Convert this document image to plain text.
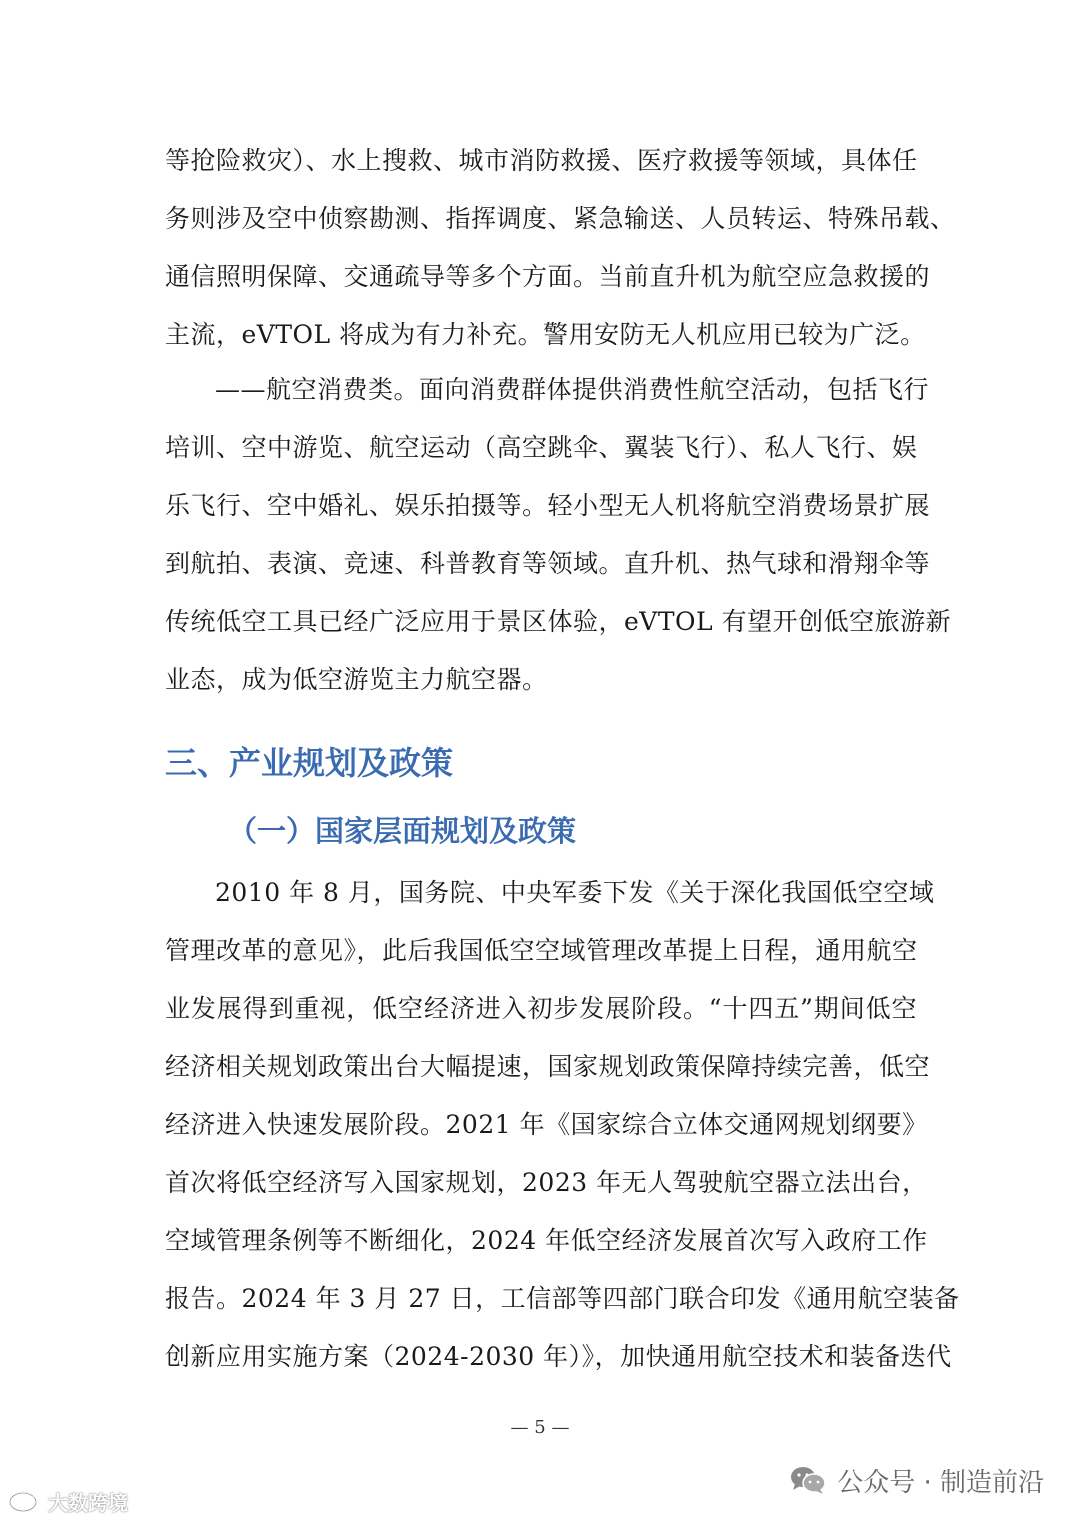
等抢险救灾）、水上搜救、城市消防救援、医疗救援等领域，具体任
务则涉及空中侦察勘测、指挥调度、紧急输送、人员转运、特殊吊载、
通信照明保障、交通疏导等多个方面。当前直升机为航空应急救援的
主流，eVTOL 将成为有力补充。警用安防无人机应用已较为广泛。
——航空消费类。面向消费群体提供消费性航空活动，包括飞行
培训、空中游览、航空运动（高空跳伞、翼装飞行）、私人飞行、娱
乐飞行、空中婚礼、娱乐拍摄等。轻小型无人机将航空消费场景扩展
到航拍、表演、竞速、科普教育等领域。直升机、热气球和滑翔伞等
传统低空工具已经广泛应用于景区体验，eVTOL 有望开创低空旅游新
业态，成为低空游览主力航空器。
三、产业规划及政策
（一）国家层面规划及政策
2010 年 8 月，国务院、中央军委下发《关于深化我国低空空域
管理改革的意见》，此后我国低空空域管理改革提上日程，通用航空
业发展得到重视，低空经济进入初步发展阶段。“十四五”期间低空
经济相关规划政策出台大幅提速，国家规划政策保障持续完善，低空
经济进入快速发展阶段。2021 年《国家综合立体交通网规划纲要》
首次将低空经济写入国家规划，2023 年无人驾驶航空器立法出台，
空域管理条例等不断细化，2024 年低空经济发展首次写入政府工作
报告。2024 年 3 月 27 日，工信部等四部门联合印发《通用航空装备
创新应用实施方案（2024-2030 年）》，加快通用航空技术和装备迭代
— 5 —
大数跨境
公众号 · 制造前沿
